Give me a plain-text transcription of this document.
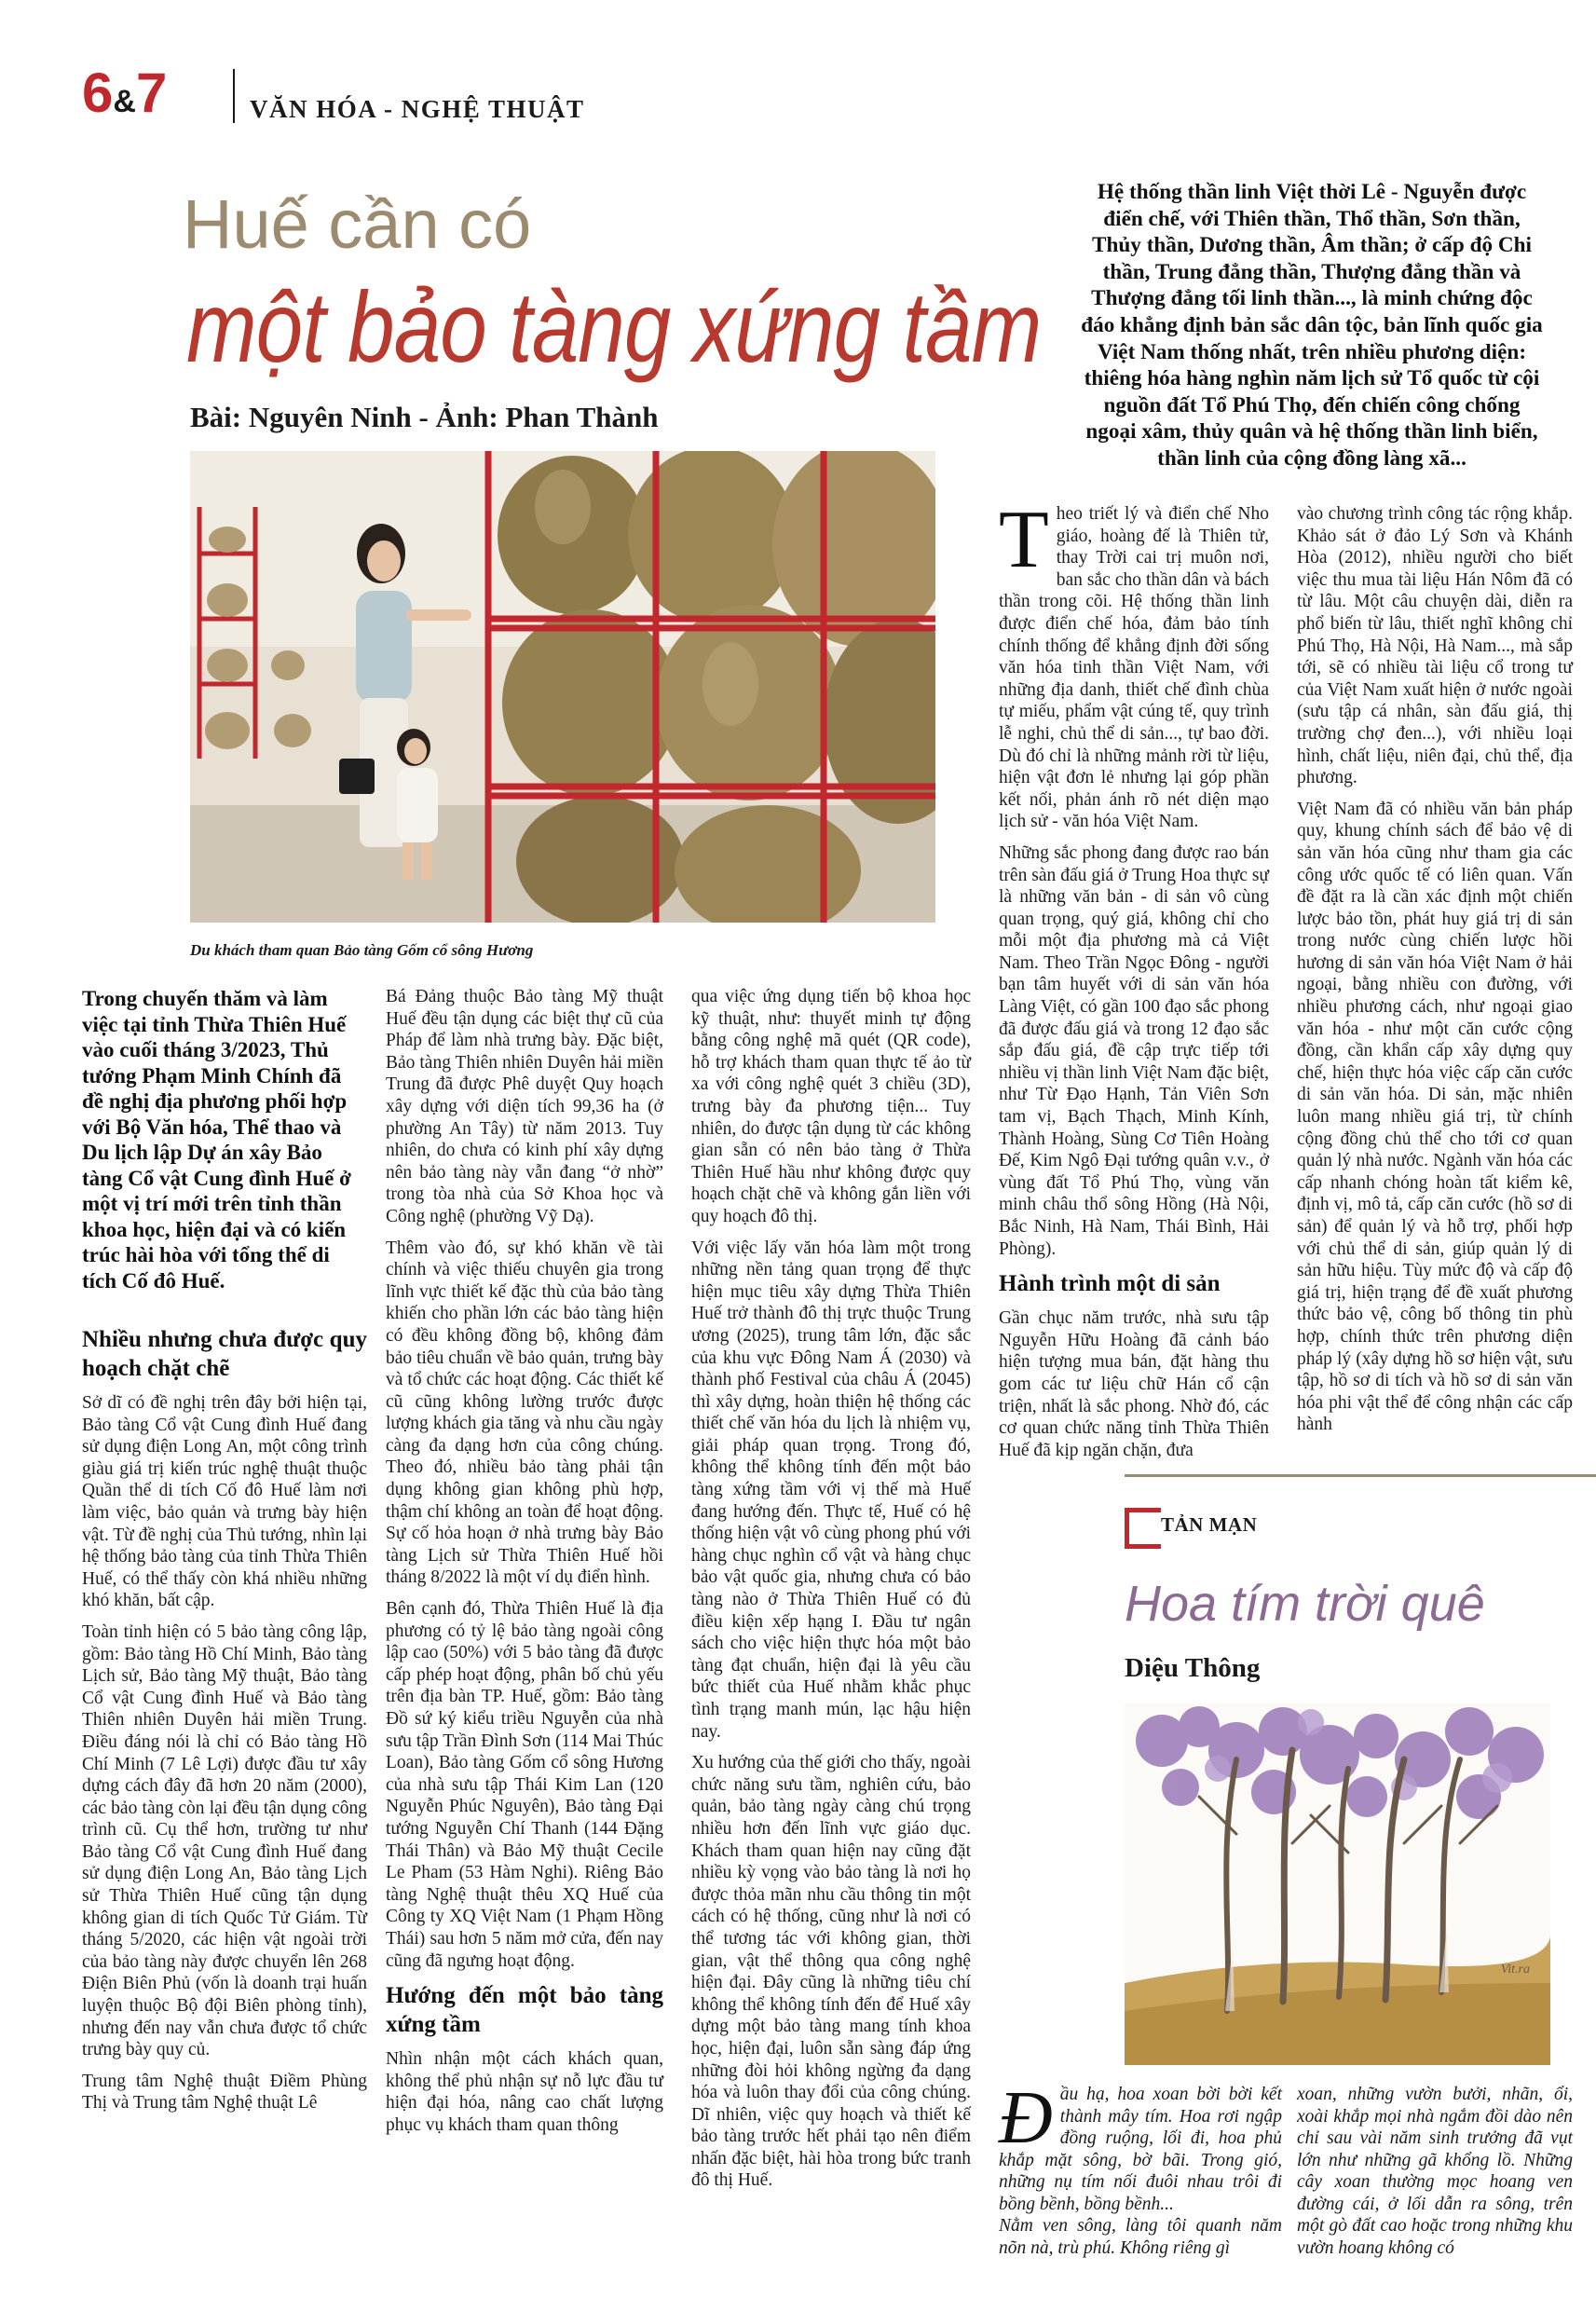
6&7	VĂN HÓA - NGHỆ THUẬT
Huế cần có
một bảo tàng xứng tầm
Bài: Nguyên Ninh - Ảnh: Phan Thành
Du khách tham quan Bảo tàng Gốm cổ sông Hương

Trong chuyến thăm và làm việc tại tỉnh Thừa Thiên Huế vào cuối tháng 3/2023, Thủ tướng Phạm Minh Chính đã đề nghị địa phương phối hợp với Bộ Văn hóa, Thể thao và Du lịch lập Dự án xây Bảo tàng Cổ vật Cung đình Huế ở một vị trí mới trên tỉnh thần khoa học, hiện đại và có kiến trúc hài hòa với tổng thể di tích Cố đô Huế.

Nhiều nhưng chưa được quy hoạch chặt chẽ

Sở dĩ có đề nghị trên đây bởi hiện tại, Bảo tàng Cổ vật Cung đình Huế đang sử dụng điện Long An, một công trình giàu giá trị kiến trúc nghệ thuật thuộc Quần thể di tích Cố đô Huế làm nơi làm việc, bảo quản và trưng bày hiện vật. Từ đề nghị của Thủ tướng, nhìn lại hệ thống bảo tàng của tỉnh Thừa Thiên Huế, có thể thấy còn khá nhiều những khó khăn, bất cập.

Toàn tỉnh hiện có 5 bảo tàng công lập, gồm: Bảo tàng Hồ Chí Minh, Bảo tàng Lịch sử, Bảo tàng Mỹ thuật, Bảo tàng Cổ vật Cung đình Huế và Bảo tàng Thiên nhiên Duyên hải miền Trung. Điều đáng nói là chỉ có Bảo tàng Hồ Chí Minh (7 Lê Lợi) được đầu tư xây dựng cách đây đã hơn 20 năm (2000), các bảo tàng còn lại đều tận dụng công trình cũ. Cụ thể hơn, trường tư như Bảo tàng Cổ vật Cung đình Huế đang sử dụng điện Long An, Bảo tàng Lịch sử Thừa Thiên Huế cũng tận dụng không gian di tích Quốc Tử Giám. Từ tháng 5/2020, các hiện vật ngoài trời của bảo tàng này được chuyển lên 268 Điện Biên Phủ (vốn là doanh trại huấn luyện thuộc Bộ đội Biên phòng tỉnh), nhưng đến nay vẫn chưa được tổ chức trưng bày quy củ.

Trung tâm Nghệ thuật Điềm Phùng Thị và Trung tâm Nghệ thuật Lê

Bá Đảng thuộc Bảo tàng Mỹ thuật Huế đều tận dụng các biệt thự cũ của Pháp để làm nhà trưng bày. Đặc biệt, Bảo tàng Thiên nhiên Duyên hải miền Trung đã được Phê duyệt Quy hoạch xây dựng với diện tích 99,36 ha (ở phường An Tây) từ năm 2013. Tuy nhiên, do chưa có kinh phí xây dựng nên bảo tàng này vẫn đang “ở nhờ” trong tòa nhà của Sở Khoa học và Công nghệ (phường Vỹ Dạ).

Thêm vào đó, sự khó khăn về tài chính và việc thiếu chuyên gia trong lĩnh vực thiết kế đặc thù của bảo tàng khiến cho phần lớn các bảo tàng hiện có đều không đồng bộ, không đảm bảo tiêu chuẩn về bảo quản, trưng bày và tổ chức các hoạt động. Các thiết kế cũ cũng không lường trước được lượng khách gia tăng và nhu cầu ngày càng đa dạng hơn của công chúng. Theo đó, nhiều bảo tàng phải tận dụng không gian không phù hợp, thậm chí không an toàn để hoạt động. Sự cố hỏa hoạn ở nhà trưng bày Bảo tàng Lịch sử Thừa Thiên Huế hồi tháng 8/2022 là một ví dụ điển hình.

Bên cạnh đó, Thừa Thiên Huế là địa phương có tỷ lệ bảo tàng ngoài công lập cao (50%) với 5 bảo tàng đã được cấp phép hoạt động, phân bố chủ yếu trên địa bàn TP. Huế, gồm: Bảo tàng Đồ sứ ký kiểu triều Nguyễn của nhà sưu tập Trần Đình Sơn (114 Mai Thúc Loan), Bảo tàng Gốm cổ sông Hương của nhà sưu tập Thái Kim Lan (120 Nguyễn Phúc Nguyên), Bảo tàng Đại tướng Nguyễn Chí Thanh (144 Đặng Thái Thân) và Bảo Mỹ thuật Cecile Le Pham (53 Hàm Nghi). Riêng Bảo tàng Nghệ thuật thêu XQ Huế của Công ty XQ Việt Nam (1 Phạm Hồng Thái) sau hơn 5 năm mở cửa, đến nay cũng đã ngưng hoạt động.

Hướng đến một bảo tàng xứng tầm

Nhìn nhận một cách khách quan, không thể phủ nhận sự nỗ lực đầu tư hiện đại hóa, nâng cao chất lượng phục vụ khách tham quan thông

qua việc ứng dụng tiến bộ khoa học kỹ thuật, như: thuyết minh tự động bằng công nghệ mã quét (QR code), hỗ trợ khách tham quan thực tế ảo từ xa với công nghệ quét 3 chiều (3D), trưng bày đa phương tiện... Tuy nhiên, do được tận dụng từ các không gian sẵn có nên bảo tàng ở Thừa Thiên Huế hầu như không được quy hoạch chặt chẽ và không gắn liền với quy hoạch đô thị.

Với việc lấy văn hóa làm một trong những nền tảng quan trọng để thực hiện mục tiêu xây dựng Thừa Thiên Huế trở thành đô thị trực thuộc Trung ương (2025), trung tâm lớn, đặc sắc của khu vực Đông Nam Á (2030) và thành phố Festival của châu Á (2045) thì xây dựng, hoàn thiện hệ thống các thiết chế văn hóa du lịch là nhiệm vụ, giải pháp quan trọng. Trong đó, không thể không tính đến một bảo tàng xứng tầm với vị thế mà Huế đang hướng đến. Thực tế, Huế có hệ thống hiện vật vô cùng phong phú với hàng chục nghìn cổ vật và hàng chục bảo vật quốc gia, nhưng chưa có bảo tàng nào ở Thừa Thiên Huế có đủ điều kiện xếp hạng I. Đầu tư ngân sách cho việc hiện thực hóa một bảo tàng đạt chuẩn, hiện đại là yêu cầu bức thiết của Huế nhằm khắc phục tình trạng manh mún, lạc hậu hiện nay.

Xu hướng của thế giới cho thấy, ngoài chức năng sưu tầm, nghiên cứu, bảo quản, bảo tàng ngày càng chú trọng nhiều hơn đến lĩnh vực giáo dục. Khách tham quan hiện nay cũng đặt nhiều kỳ vọng vào bảo tàng là nơi họ được thỏa mãn nhu cầu thông tin một cách có hệ thống, cũng như là nơi có thể tương tác với không gian, thời gian, vật thể thông qua công nghệ hiện đại. Đây cũng là những tiêu chí không thể không tính đến để Huế xây dựng một bảo tàng mang tính khoa học, hiện đại, luôn sẵn sàng đáp ứng những đòi hỏi không ngừng đa dạng hóa và luôn thay đổi của công chúng. Dĩ nhiên, việc quy hoạch và thiết kế bảo tàng trước hết phải tạo nên điểm nhấn đặc biệt, hài hòa trong bức tranh đô thị Huế.

Hệ thống thần linh Việt thời Lê - Nguyễn được điển chế, với Thiên thần, Thổ thần, Sơn thần, Thủy thần, Dương thần, Âm thần; ở cấp độ Chi thần, Trung đẳng thần, Thượng đẳng thần và Thượng đẳng tối linh thần..., là minh chứng độc đáo khẳng định bản sắc dân tộc, bản lĩnh quốc gia Việt Nam thống nhất, trên nhiều phương diện: thiêng hóa hàng nghìn năm lịch sử Tổ quốc từ cội nguồn đất Tổ Phú Thọ, đến chiến công chống ngoại xâm, thủy quân và hệ thống thần linh biển, thần linh của cộng đồng làng xã...

Theo triết lý và điển chế Nho giáo, hoàng đế là Thiên tử, thay Trời cai trị muôn nơi, ban sắc cho thần dân và bách thần trong cõi. Hệ thống thần linh được điển chế hóa, đảm bảo tính chính thống để khẳng định đời sống văn hóa tinh thần Việt Nam, với những địa danh, thiết chế đình chùa tự miếu, phẩm vật cúng tế, quy trình lễ nghi, chủ thể di sản..., tự bao đời. Dù đó chỉ là những mảnh rời từ liệu, hiện vật đơn lẻ nhưng lại góp phần kết nối, phản ánh rõ nét diện mạo lịch sử - văn hóa Việt Nam.

Những sắc phong đang được rao bán trên sàn đấu giá ở Trung Hoa thực sự là những văn bản - di sản vô cùng quan trọng, quý giá, không chỉ cho mỗi một địa phương mà cả Việt Nam. Theo Trần Ngọc Đông - người bạn tâm huyết với di sản văn hóa Làng Việt, có gần 100 đạo sắc phong đã được đấu giá và trong 12 đạo sắc sắp đấu giá, đề cập trực tiếp tới nhiều vị thần linh Việt Nam đặc biệt, như Từ Đạo Hạnh, Tản Viên Sơn tam vị, Bạch Thạch, Minh Kính, Thành Hoàng, Sùng Cơ Tiên Hoàng Đế, Kim Ngô Đại tướng quân v.v., ở vùng đất Tổ Phú Thọ, vùng văn minh châu thổ sông Hồng (Hà Nội, Bắc Ninh, Hà Nam, Thái Bình, Hải Phòng).

Hành trình một di sản

Gần chục năm trước, nhà sưu tập Nguyễn Hữu Hoàng đã cảnh báo hiện tượng mua bán, đặt hàng thu gom các tư liệu chữ Hán cổ cận triện, nhất là sắc phong. Nhờ đó, các cơ quan chức năng tỉnh Thừa Thiên Huế đã kịp ngăn chặn, đưa

vào chương trình công tác rộng khắp. Khảo sát ở đảo Lý Sơn và Khánh Hòa (2012), nhiều người cho biết việc thu mua tài liệu Hán Nôm đã có từ lâu. Một câu chuyện dài, diễn ra phổ biến từ lâu, thiết nghĩ không chỉ Phú Thọ, Hà Nội, Hà Nam..., mà sắp tới, sẽ có nhiều tài liệu cổ trong tư của Việt Nam xuất hiện ở nước ngoài (sưu tập cá nhân, sàn đấu giá, thị trường chợ đen...), với nhiều loại hình, chất liệu, niên đại, chủ thể, địa phương.

Việt Nam đã có nhiều văn bản pháp quy, khung chính sách để bảo vệ di sản văn hóa cũng như tham gia các công ước quốc tế có liên quan. Vấn đề đặt ra là cần xác định một chiến lược bảo tồn, phát huy giá trị di sản trong nước cùng chiến lược hồi hương di sản văn hóa Việt Nam ở hải ngoại, bằng nhiều con đường, với nhiều phương cách, như ngoại giao văn hóa - như một căn cước cộng đồng, cần khẩn cấp xây dựng quy chế, hiện thực hóa việc cấp căn cước di sản văn hóa. Di sản, mặc nhiên luôn mang nhiều giá trị, từ chính cộng đồng chủ thể cho tới cơ quan quản lý nhà nước. Ngành văn hóa các cấp nhanh chóng hoàn tất kiểm kê, định vị, mô tả, cấp căn cước (hồ sơ di sản) để quản lý và hỗ trợ, phối hợp với chủ thể di sản, giúp quản lý di sản hữu hiệu. Tùy mức độ và cấp độ giá trị, hiện trạng để đề xuất phương thức bảo vệ, công bố thông tin phù hợp, chính thức trên phương diện pháp lý (xây dựng hồ sơ hiện vật, sưu tập, hồ sơ di tích và hồ sơ di sản văn hóa phi vật thể để công nhận các cấp hành

TẢN MẠN
Hoa tím trời quê
Diệu Thông
Vit.ra

Đầu hạ, hoa xoan bời bời kết thành mây tím. Hoa rơi ngập đồng ruộng, lối đi, hoa phủ khắp mặt sông, bờ bãi. Trong gió, những nụ tím nối đuôi nhau trôi đi bồng bềnh, bồng bềnh...

Nằm ven sông, làng tôi quanh năm nõn nà, trù phú. Không riêng gì

xoan, những vườn bưởi, nhãn, ổi, xoài khắp mọi nhà ngắm đồi dào nên chỉ sau vài năm sinh trưởng đã vụt lớn như những gã khổng lồ. Những cây xoan thường mọc hoang ven đường cái, ở lối dẫn ra sông, trên một gò đất cao hoặc trong những khu vườn hoang không có
